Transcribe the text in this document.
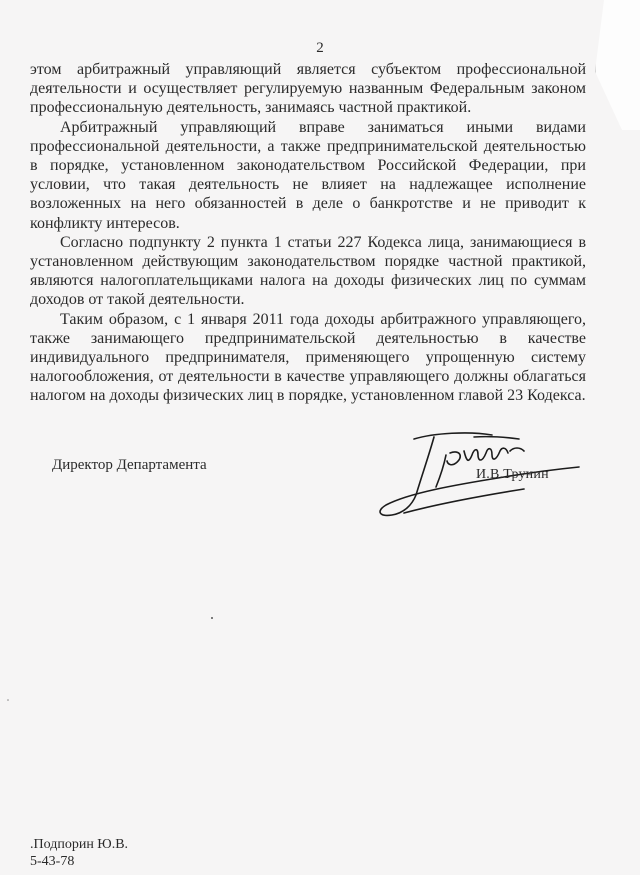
2

этом арбитражный управляющий является субъектом профессиональной деятельности и осуществляет регулируемую названным Федеральным законом профессиональную деятельность, занимаясь частной практикой.

Арбитражный управляющий вправе заниматься иными видами профессиональной деятельности, а также предпринимательской деятельностью в порядке, установленном законодательством Российской Федерации, при условии, что такая деятельность не влияет на надлежащее исполнение возложенных на него обязанностей в деле о банкротстве и не приводит к конфликту интересов.

Согласно подпункту 2 пункта 1 статьи 227 Кодекса лица, занимающиеся в установленном действующим законодательством порядке частной практикой, являются налогоплательщиками налога на доходы физических лиц по суммам доходов от такой деятельности.

Таким образом, с 1 января 2011 года доходы арбитражного управляющего, также занимающего предпринимательской деятельностью в качестве индивидуального предпринимателя, применяющего упрощенную систему налогообложения, от деятельности в качестве управляющего должны облагаться налогом на доходы физических лиц в порядке, установленном главой 23 Кодекса.

Директор Департамента
И.В.Трунин
.Подпорин Ю.В.
5-43-78
